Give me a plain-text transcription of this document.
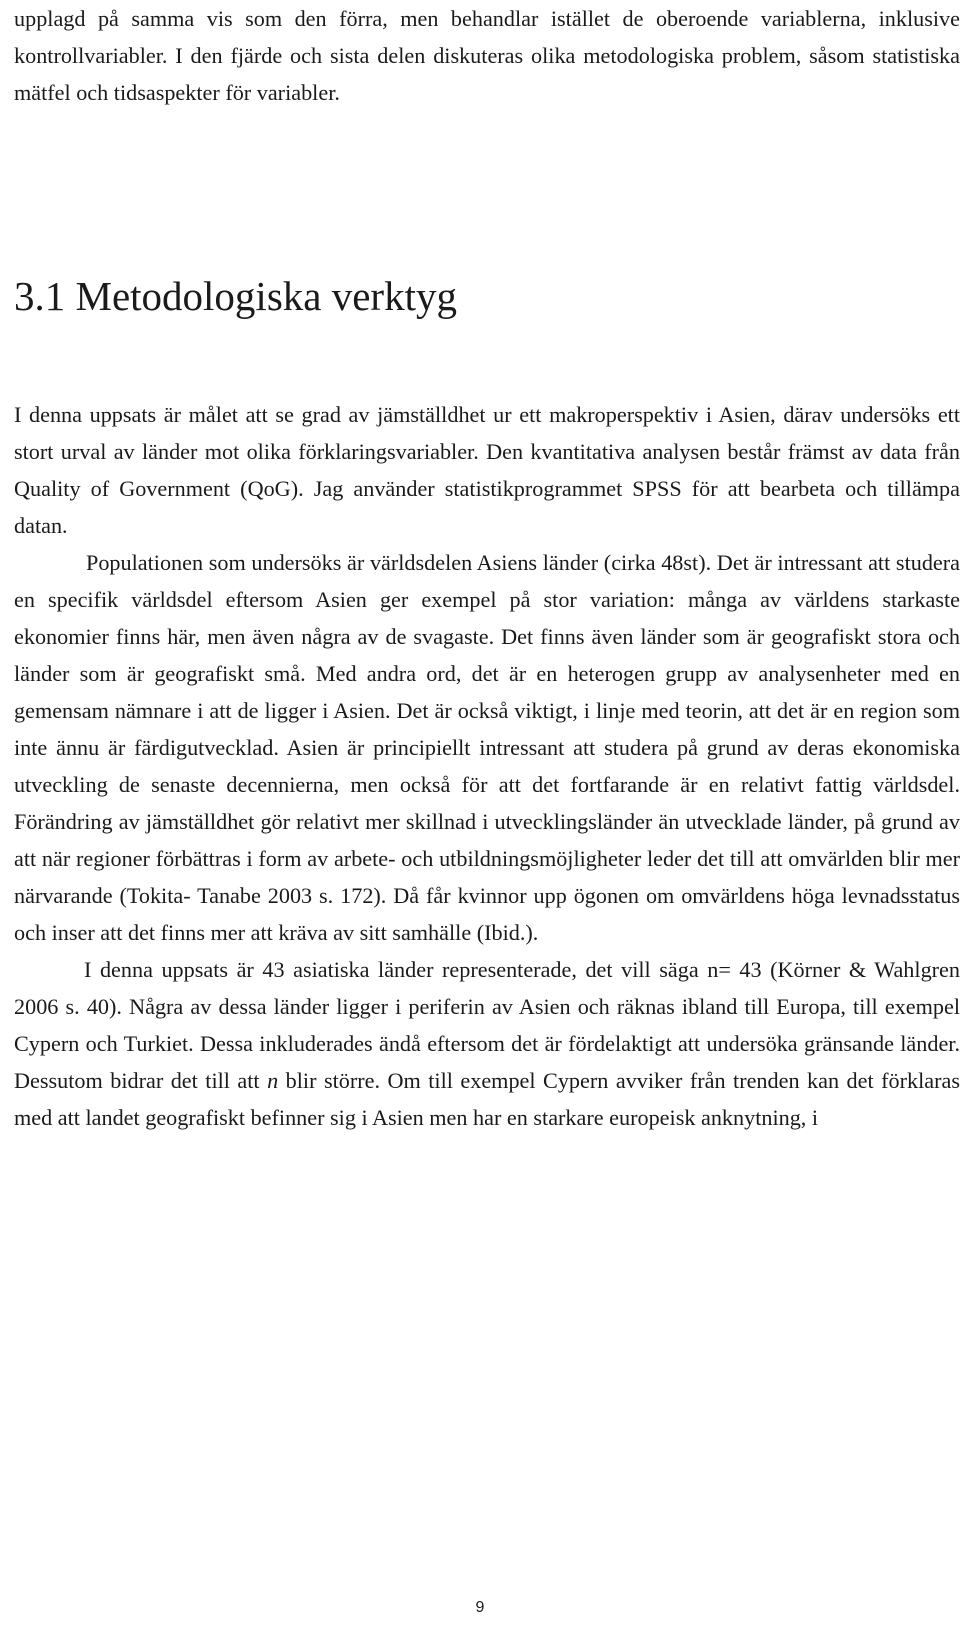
upplagd på samma vis som den förra, men behandlar istället de oberoende variablerna, inklusive kontrollvariabler. I den fjärde och sista delen diskuteras olika metodologiska problem, såsom statistiska mätfel och tidsaspekter för variabler.

3.1 Metodologiska verktyg

I denna uppsats är målet att se grad av jämställdhet ur ett makroperspektiv i Asien, därav undersöks ett stort urval av länder mot olika förklaringsvariabler. Den kvantitativa analysen består främst av data från Quality of Government (QoG). Jag använder statistikprogrammet SPSS för att bearbeta och tillämpa datan.

Populationen som undersöks är världsdelen Asiens länder (cirka 48st). Det är intressant att studera en specifik världsdel eftersom Asien ger exempel på stor variation: många av världens starkaste ekonomier finns här, men även några av de svagaste. Det finns även länder som är geografiskt stora och länder som är geografiskt små. Med andra ord, det är en heterogen grupp av analysenheter med en gemensam nämnare i att de ligger i Asien. Det är också viktigt, i linje med teorin, att det är en region som inte ännu är färdigutvecklad. Asien är principiellt intressant att studera på grund av deras ekonomiska utveckling de senaste decennierna, men också för att det fortfarande är en relativt fattig världsdel. Förändring av jämställdhet gör relativt mer skillnad i utvecklingsländer än utvecklade länder, på grund av att när regioner förbättras i form av arbete- och utbildningsmöjligheter leder det till att omvärlden blir mer närvarande (Tokita- Tanabe 2003 s. 172). Då får kvinnor upp ögonen om omvärldens höga levnadsstatus och inser att det finns mer att kräva av sitt samhälle (Ibid.).

I denna uppsats är 43 asiatiska länder representerade, det vill säga n= 43 (Körner & Wahlgren 2006 s. 40). Några av dessa länder ligger i periferin av Asien och räknas ibland till Europa, till exempel Cypern och Turkiet. Dessa inkluderades ändå eftersom det är fördelaktigt att undersöka gränsande länder. Dessutom bidrar det till att n blir större. Om till exempel Cypern avviker från trenden kan det förklaras med att landet geografiskt befinner sig i Asien men har en starkare europeisk anknytning, i

9
